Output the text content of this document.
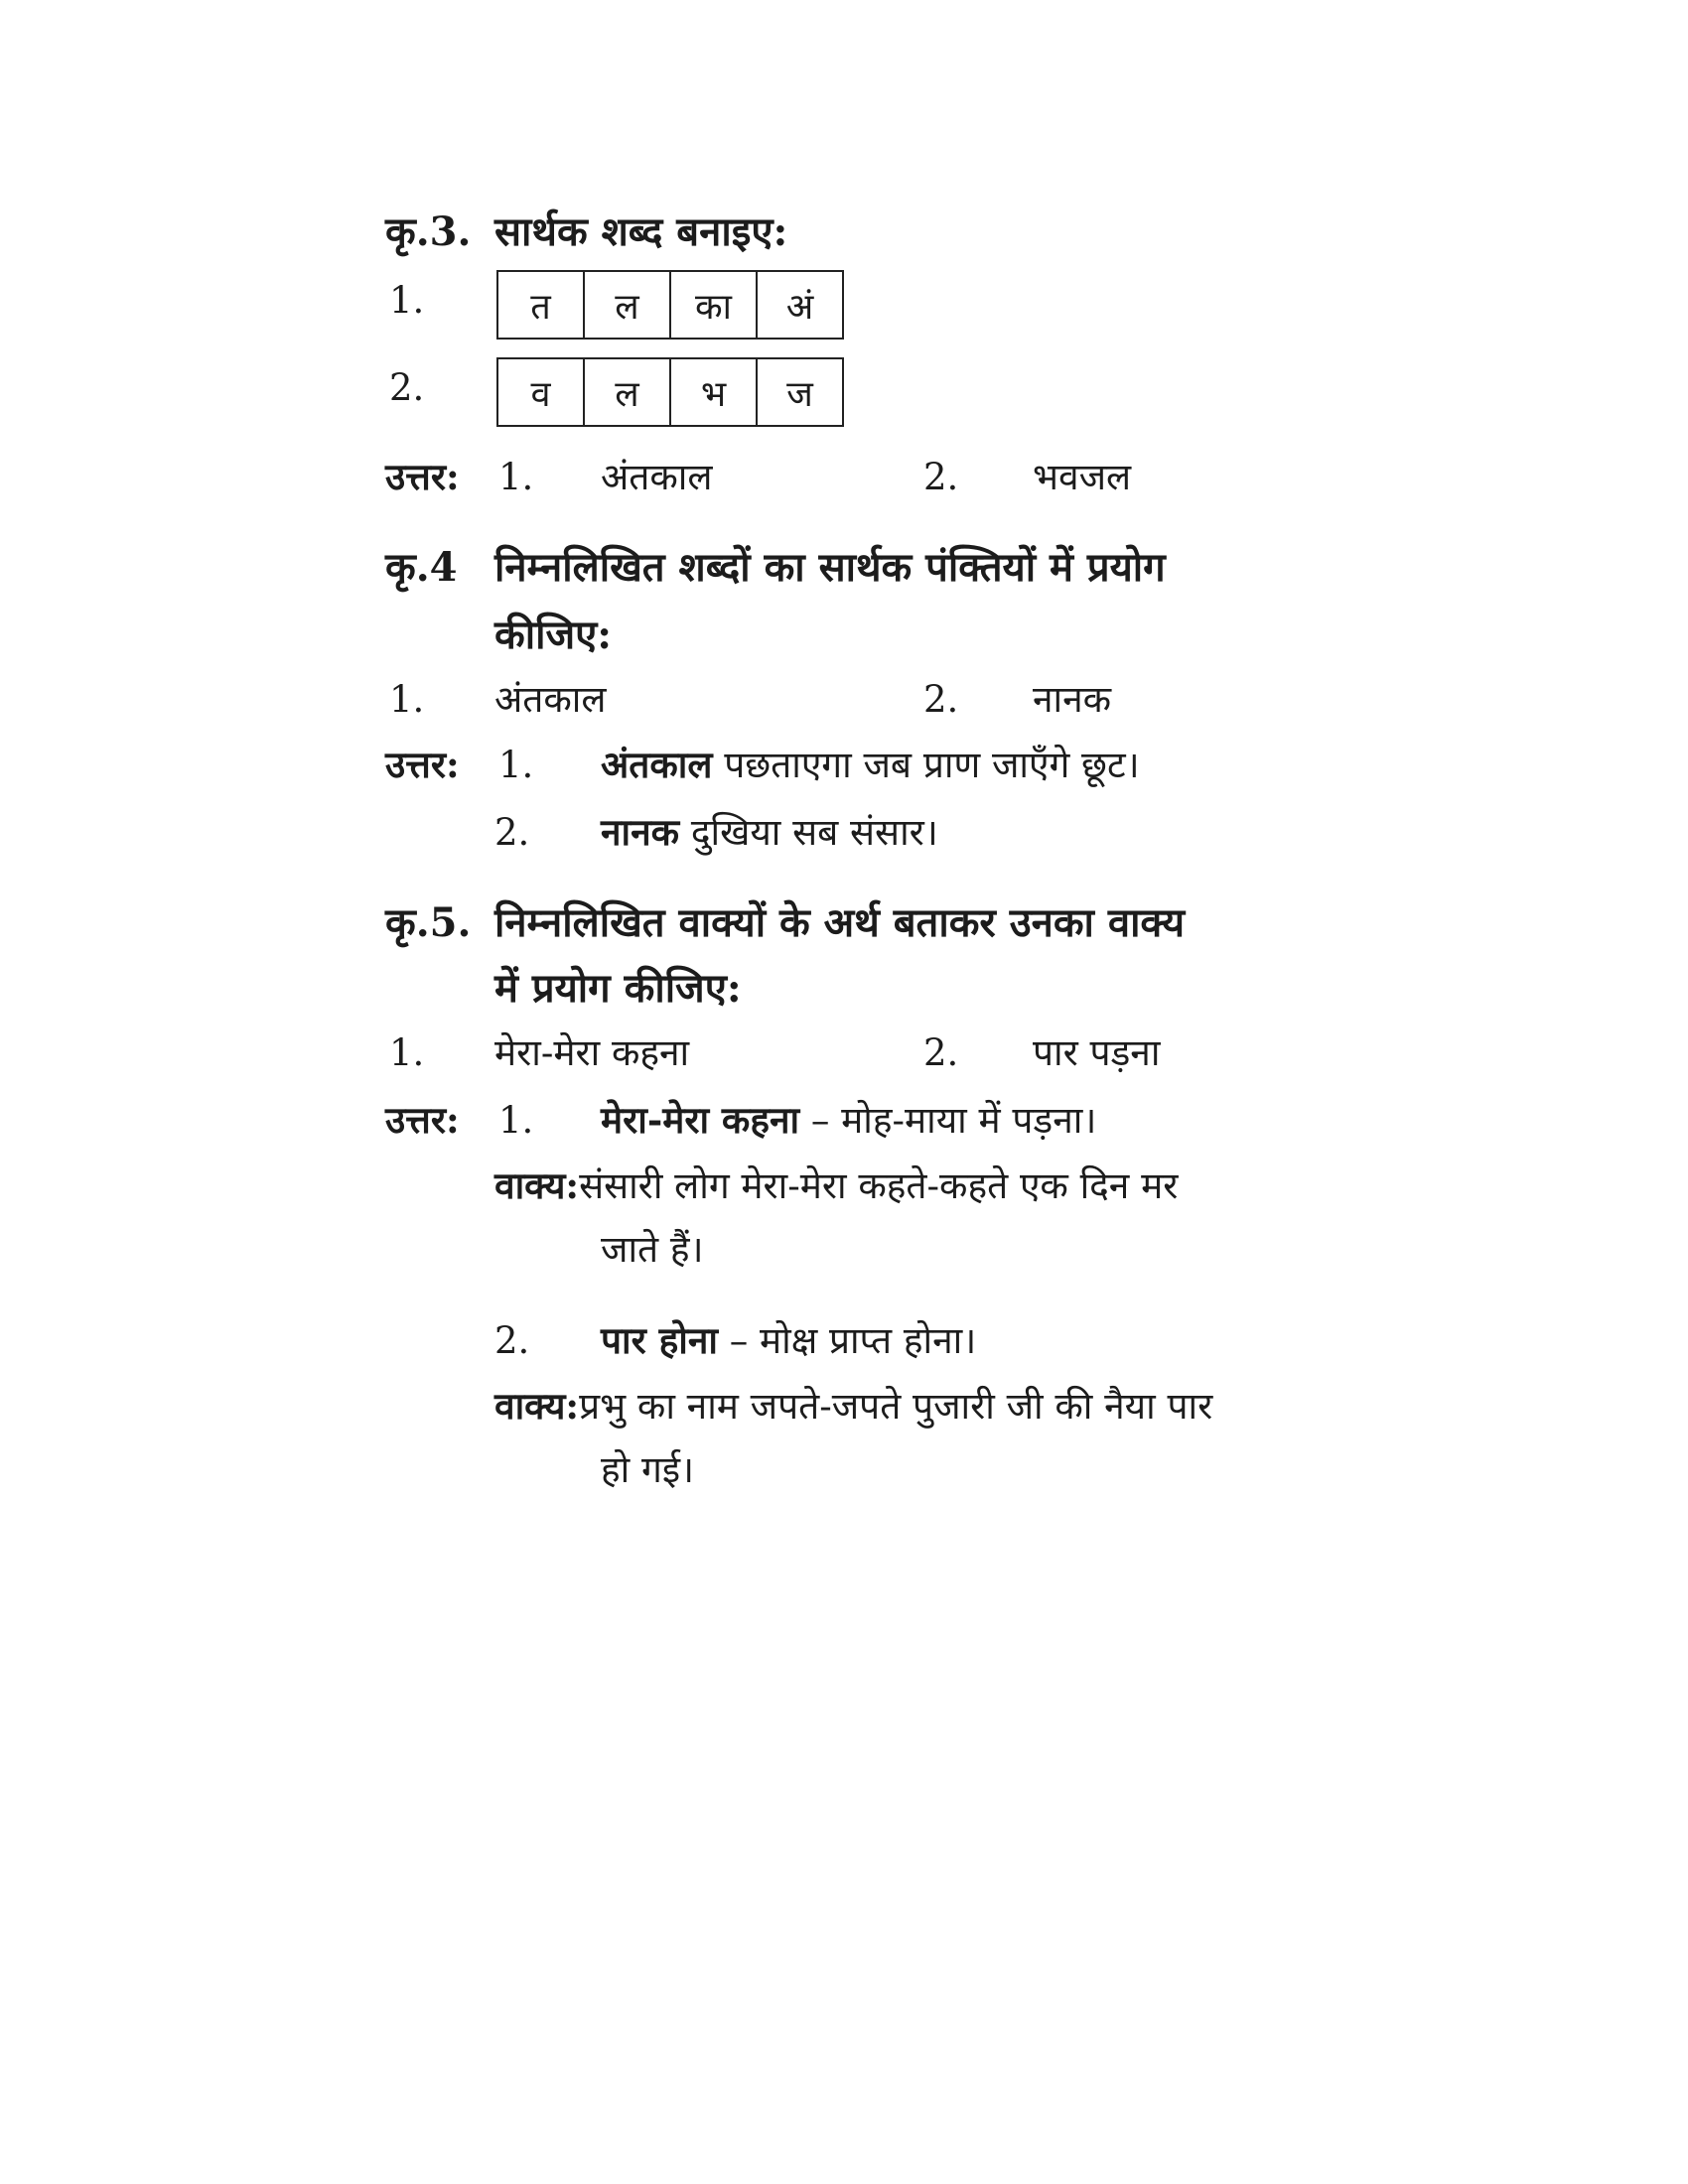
कृ.3. सार्थक शब्द बनाइए:
1.	त	ल	का	अं
2.	व	ल	भ	ज
उत्तर: 1. अंतकाल	2. भवजल
कृ.4 निम्नलिखित शब्दों का सार्थक पंक्तियों में प्रयोग
कीजिए:
1. अंतकाल	2. नानक
उत्तर: 1. अंतकाल पछताएगा जब प्राण जाएँगे छूट।
2. नानक दुखिया सब संसार।
कृ.5. निम्नलिखित वाक्यों के अर्थ बताकर उनका वाक्य
में प्रयोग कीजिए:
1. मेरा-मेरा कहना	2. पार पड़ना
उत्तर: 1. मेरा-मेरा कहना – मोह-माया में पड़ना।
वाक्य:संसारी लोग मेरा-मेरा कहते-कहते एक दिन मर
जाते हैं।
2. पार होना – मोक्ष प्राप्त होना।
वाक्य:प्रभु का नाम जपते-जपते पुजारी जी की नैया पार
हो गई।
